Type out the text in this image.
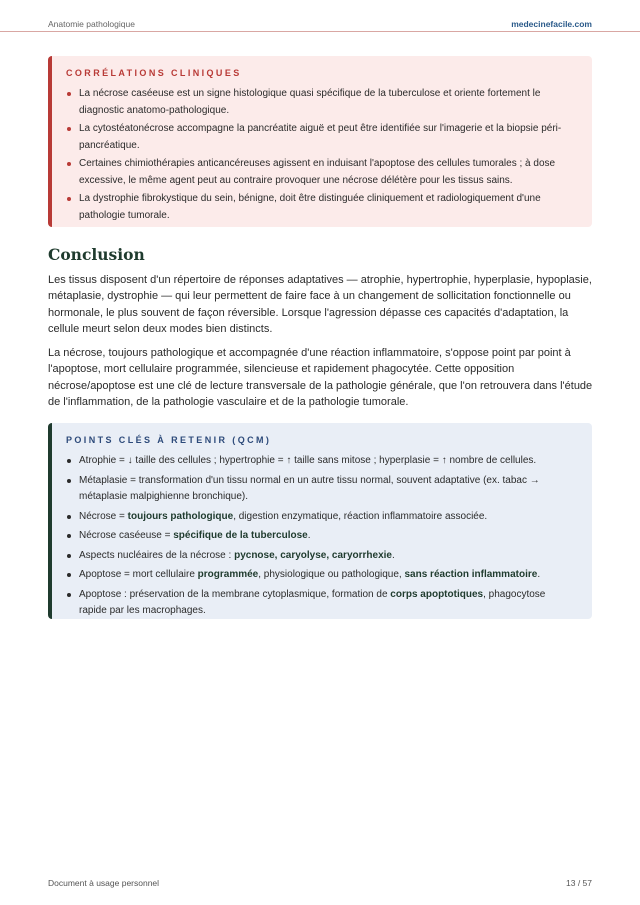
Anatomie pathologique	medecinefacile.com
CORRÉLATIONS CLINIQUES
La nécrose caséeuse est un signe histologique quasi spécifique de la tuberculose et oriente fortement le diagnostic anatomo-pathologique.
La cytostéatonécrose accompagne la pancréatite aiguë et peut être identifiée sur l'imagerie et la biopsie péri-pancréatique.
Certaines chimiothérapies anticancéreuses agissent en induisant l'apoptose des cellules tumorales ; à dose excessive, le même agent peut au contraire provoquer une nécrose délétère pour les tissus sains.
La dystrophie fibrokystique du sein, bénigne, doit être distinguée cliniquement et radiologiquement d'une pathologie tumorale.
Conclusion

Les tissus disposent d'un répertoire de réponses adaptatives — atrophie, hypertrophie, hyperplasie, hypoplasie, métaplasie, dystrophie — qui leur permettent de faire face à un changement de sollicitation fonctionnelle ou hormonale, le plus souvent de façon réversible. Lorsque l'agression dépasse ces capacités d'adaptation, la cellule meurt selon deux modes bien distincts.

La nécrose, toujours pathologique et accompagnée d'une réaction inflammatoire, s'oppose point par point à l'apoptose, mort cellulaire programmée, silencieuse et rapidement phagocytée. Cette opposition nécrose/apoptose est une clé de lecture transversale de la pathologie générale, que l'on retrouvera dans l'étude de l'inflammation, de la pathologie vasculaire et de la pathologie tumorale.

POINTS CLÉS À RETENIR (QCM)
Atrophie = ↓ taille des cellules ; hypertrophie = ↑ taille sans mitose ; hyperplasie = ↑ nombre de cellules.
Métaplasie = transformation d'un tissu normal en un autre tissu normal, souvent adaptative (ex. tabac → métaplasie malpighienne bronchique).
Nécrose = toujours pathologique, digestion enzymatique, réaction inflammatoire associée.
Nécrose caséeuse = spécifique de la tuberculose.
Aspects nucléaires de la nécrose : pycnose, caryolyse, caryorrhexie.
Apoptose = mort cellulaire programmée, physiologique ou pathologique, sans réaction inflammatoire.
Apoptose : préservation de la membrane cytoplasmique, formation de corps apoptotiques, phagocytose rapide par les macrophages.
Document à usage personnel	13 / 57
